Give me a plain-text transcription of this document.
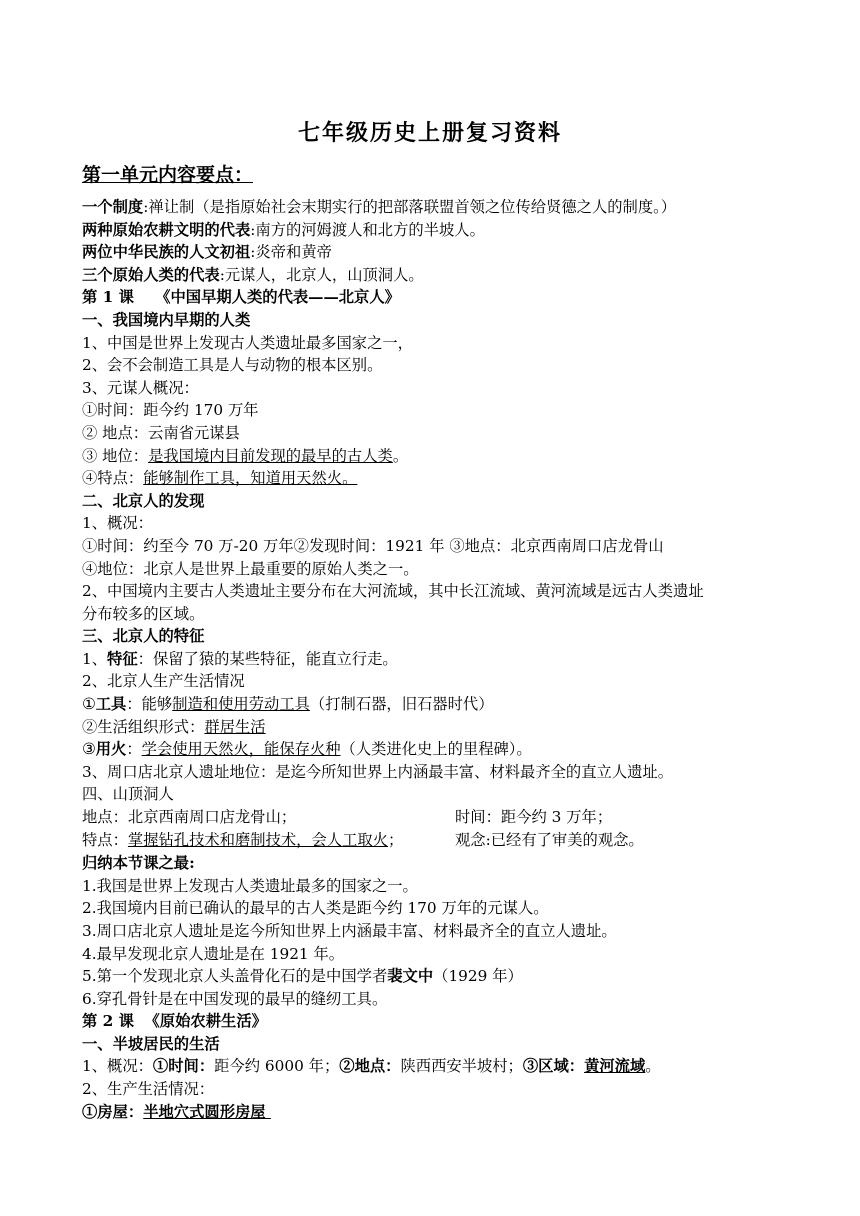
七年级历史上册复习资料
第一单元内容要点：
一个制度:禅让制（是指原始社会末期实行的把部落联盟首领之位传给贤德之人的制度。）
两种原始农耕文明的代表:南方的河姆渡人和北方的半坡人。
两位中华民族的人文初祖:炎帝和黄帝
三个原始人类的代表:元谋人，北京人，山顶洞人。
第 1 课    《中国早期人类的代表——北京人》
一、我国境内早期的人类
1、中国是世界上发现古人类遗址最多国家之一，
2、会不会制造工具是人与动物的根本区别。
3、元谋人概况：
①时间：距今约 170 万年
② 地点：云南省元谋县
③ 地位：是我国境内目前发现的最早的古人类。
④特点：能够制作工具，知道用天然火。
二、北京人的发现
1、概况：
①时间：约至今 70 万-20 万年②发现时间：1921 年 ③地点：北京西南周口店龙骨山
④地位：北京人是世界上最重要的原始人类之一。
2、中国境内主要古人类遗址主要分布在大河流域，其中长江流域、黄河流域是远古人类遗址
分布较多的区域。
三、北京人的特征
1、特征：保留了猿的某些特征，能直立行走。
2、北京人生产生活情况
①工具：能够制造和使用劳动工具（打制石器，旧石器时代）
②生活组织形式：群居生活
③用火：学会使用天然火，能保存火种（人类进化史上的里程碑）。
3、周口店北京人遗址地位：是迄今所知世界上内涵最丰富、材料最齐全的直立人遗址。
四、山顶洞人
地点：北京西南周口店龙骨山；	时间：距今约 3 万年；
特点：掌握钻孔技术和磨制技术，会人工取火；	观念:已经有了审美的观念。
归纳本节课之最:
1.我国是世界上发现古人类遗址最多的国家之一。
2.我国境内目前已确认的最早的古人类是距今约 170 万年的元谋人。
3.周口店北京人遗址是迄今所知世界上内涵最丰富、材料最齐全的直立人遗址。
4.最早发现北京人遗址是在 1921 年。
5.第一个发现北京人头盖骨化石的是中国学者裴文中（1929 年）
6.穿孔骨针是在中国发现的最早的缝纫工具。
第 2 课  《原始农耕生活》
一、半坡居民的生活
1、概况：①时间：距今约 6000 年；②地点：陕西西安半坡村；③区域：黄河流域。
2、生产生活情况：
①房屋：半地穴式圆形房屋
